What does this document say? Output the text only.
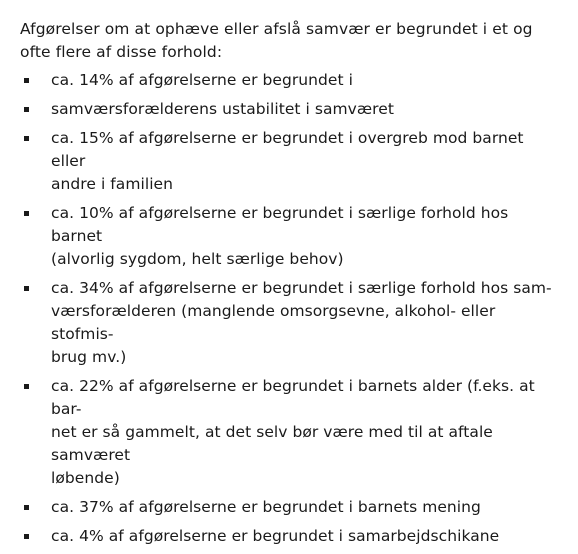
Afgørelser om at ophæve eller afslå samvær er begrundet i et og ofte flere af disse forhold:

ca. 14% af afgørelserne er begrundet i
samværsforælderens ustabilitet i samværet
ca. 15% af afgørelserne er begrundet i overgreb mod barnet eller
andre i familien
ca. 10% af afgørelserne er begrundet i særlige forhold hos barnet
(alvorlig sygdom, helt særlige behov)
ca. 34% af afgørelserne er begrundet i særlige forhold hos sam-
værsforælderen (manglende omsorgsevne, alkohol- eller stofmis-
brug mv.)
ca. 22% af afgørelserne er begrundet i barnets alder (f.eks. at bar-
net er så gammelt, at det selv bør være med til at aftale samværet
løbende)
ca. 37% af afgørelserne er begrundet i barnets mening
ca. 4% af afgørelserne er begrundet i samarbejdschikane
